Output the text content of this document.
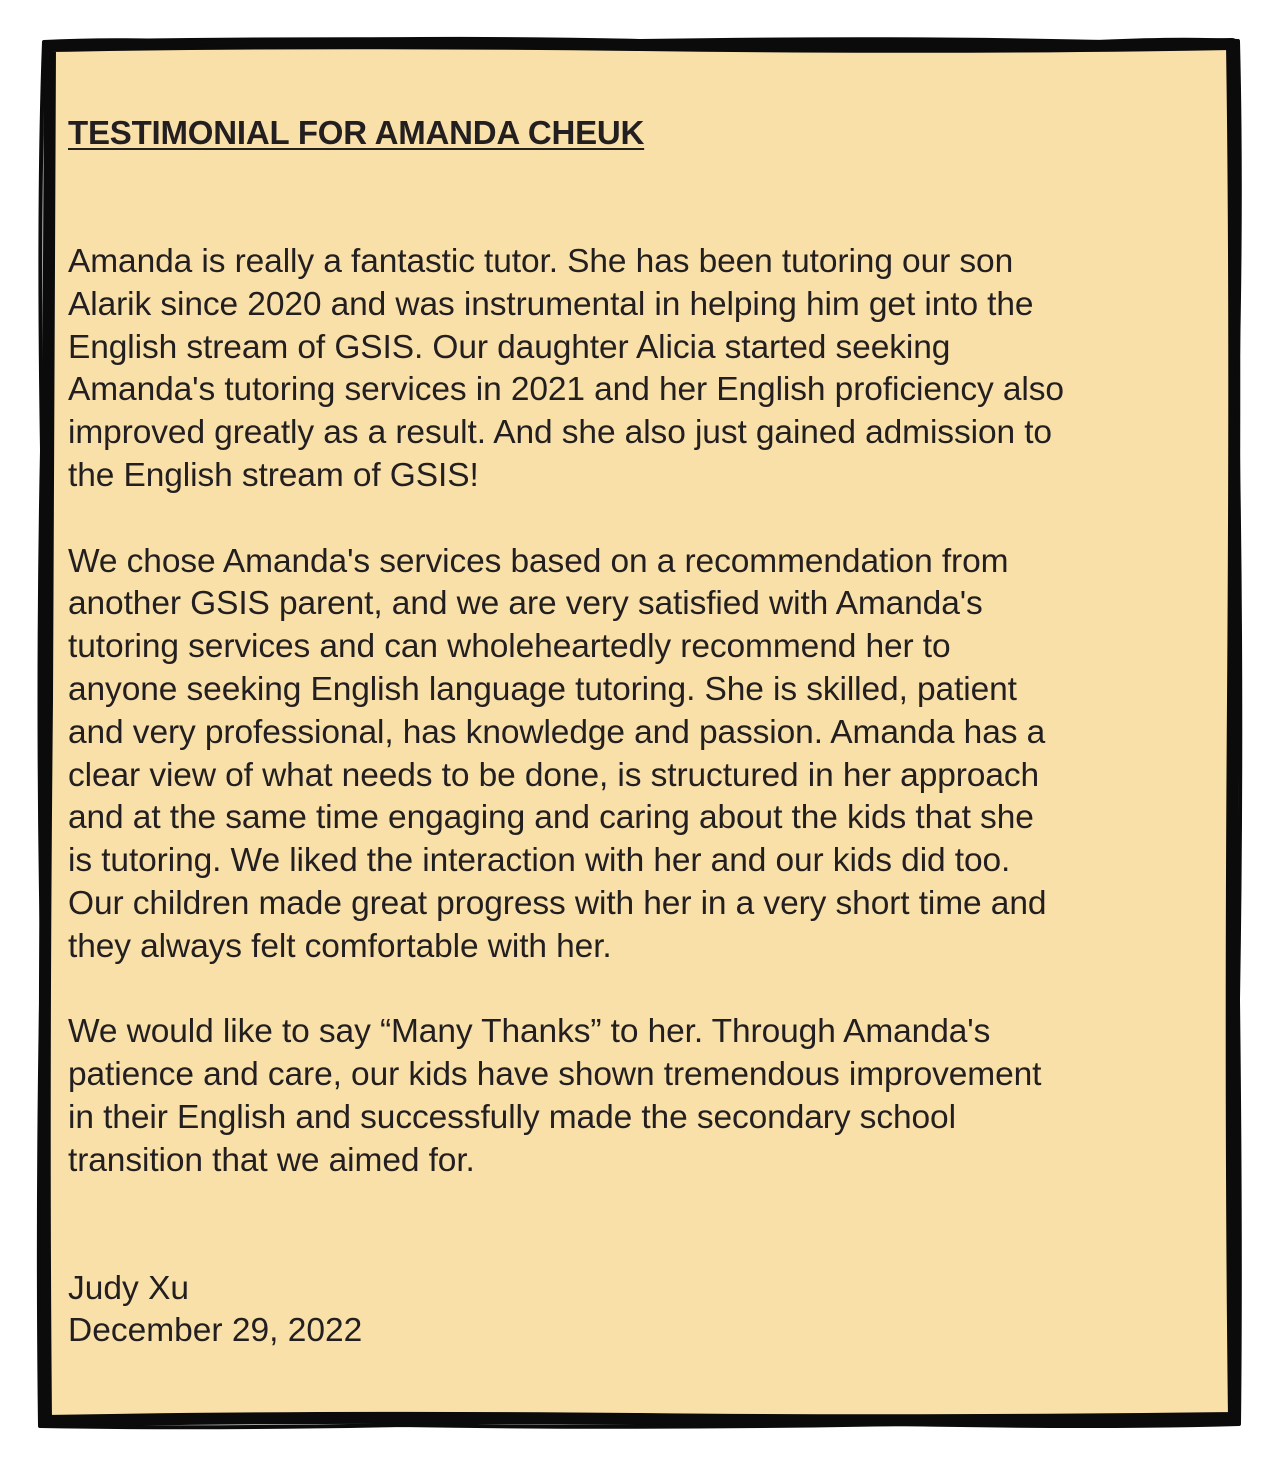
TESTIMONIAL FOR AMANDA CHEUK

Amanda is really a fantastic tutor. She has been tutoring our son
Alarik since 2020 and was instrumental in helping him get into the
English stream of GSIS. Our daughter Alicia started seeking
Amanda's tutoring services in 2021 and her English proficiency also
improved greatly as a result. And she also just gained admission to
the English stream of GSIS!

We chose Amanda's services based on a recommendation from
another GSIS parent, and we are very satisfied with Amanda's
tutoring services and can wholeheartedly recommend her to
anyone seeking English language tutoring. She is skilled, patient
and very professional, has knowledge and passion. Amanda has a
clear view of what needs to be done, is structured in her approach
and at the same time engaging and caring about the kids that she
is tutoring. We liked the interaction with her and our kids did too.
Our children made great progress with her in a very short time and
they always felt comfortable with her.

We would like to say “Many Thanks” to her. Through Amanda's
patience and care, our kids have shown tremendous improvement
in their English and successfully made the secondary school
transition that we aimed for.

Judy Xu
December 29, 2022
